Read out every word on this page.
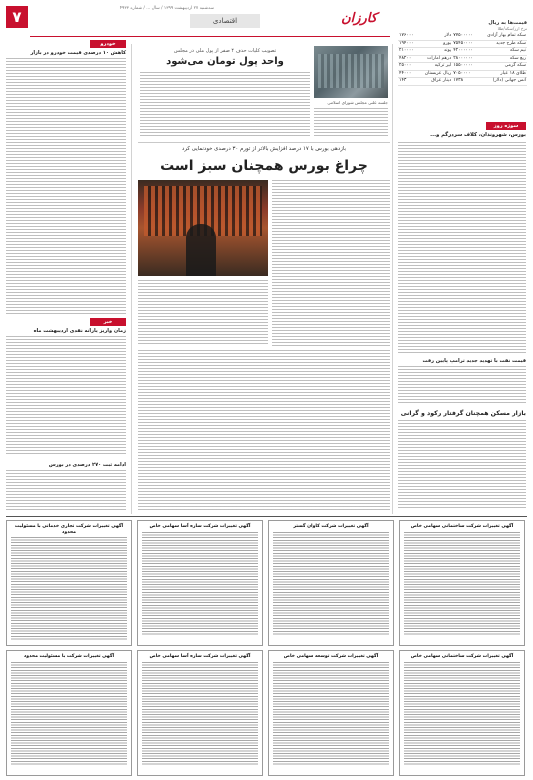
۷	سه‌شنبه ۲۷ اردیبهشت ۱۳۹۹ / سال ... / شماره ۴۹۳۳
اقتصادی	کارزان	قیمت‌ها به ریال
نرخ ارز/سکه/طلا
سکه تمام بهار آزادی	۷۷۵۰۰۰۰۰	دلار	۱۷۶۰۰۰
سکه طرح جدید	۷۵۴۵۰۰۰۰	یورو	۱۹۴۰۰۰
نیم سکه	۴۲۰۰۰۰۰۰	پوند	۲۱۰۰۰۰
ربع سکه	۲۸۰۰۰۰۰۰	درهم امارات	۴۸۲۰۰
سکه گرمی	۱۵۵۰۰۰۰۰	لیر ترکیه	۲۵۰۰۰
طلای ۱۸ عیار	۷۰۵۰۰۰۰	ریال عربستان	۴۴۰۰۰
انس جهانی (دلار)	۱۷۳۸	دینار عراق	۱۴۳
سوژه روز
بورس، شهروندان، کلاف سردرگم و...
قیمت نفت با تهدید جدید ترامپ پایین رفت
بازار مسکن همچنان گرفتار رکود و گرانی
خودرو
کاهش ۱۰ درصدی قیمت خودرو در بازار
خبر
زمان واریز یارانه نقدی اردیبهشت ماه
ادامه ثبت ۲۷۰ درصدی در بورس
تصویب کلیات حذف ۴ صفر از پول ملی در مجلس
واحد پول تومان می‌شود
جلسه علنی مجلس شورای اسلامی
بازدهی بورس با ۱۷ درصد افزایش بالاتر از تورم ۳۰ درصدی خودنمایی کرد
چراغ بورس همچنان سبز است
آگهی تغییرات شرکت ساختمانی سهامی خاص
آگهی تغییرات شرکت کاوان گستر
آگهی تغییرات شرکت سازه آسا سهامی خاص
آگهی تغییرات شرکت تجاری خدماتی با مسئولیت محدود
آگهی تغییرات شرکت ساختمانی سهامی خاص
آگهی تغییرات شرکت توسعه سهامی خاص
آگهی تغییرات شرکت سازه آسا سهامی خاص
آگهی تغییرات شرکت با مسئولیت محدود
